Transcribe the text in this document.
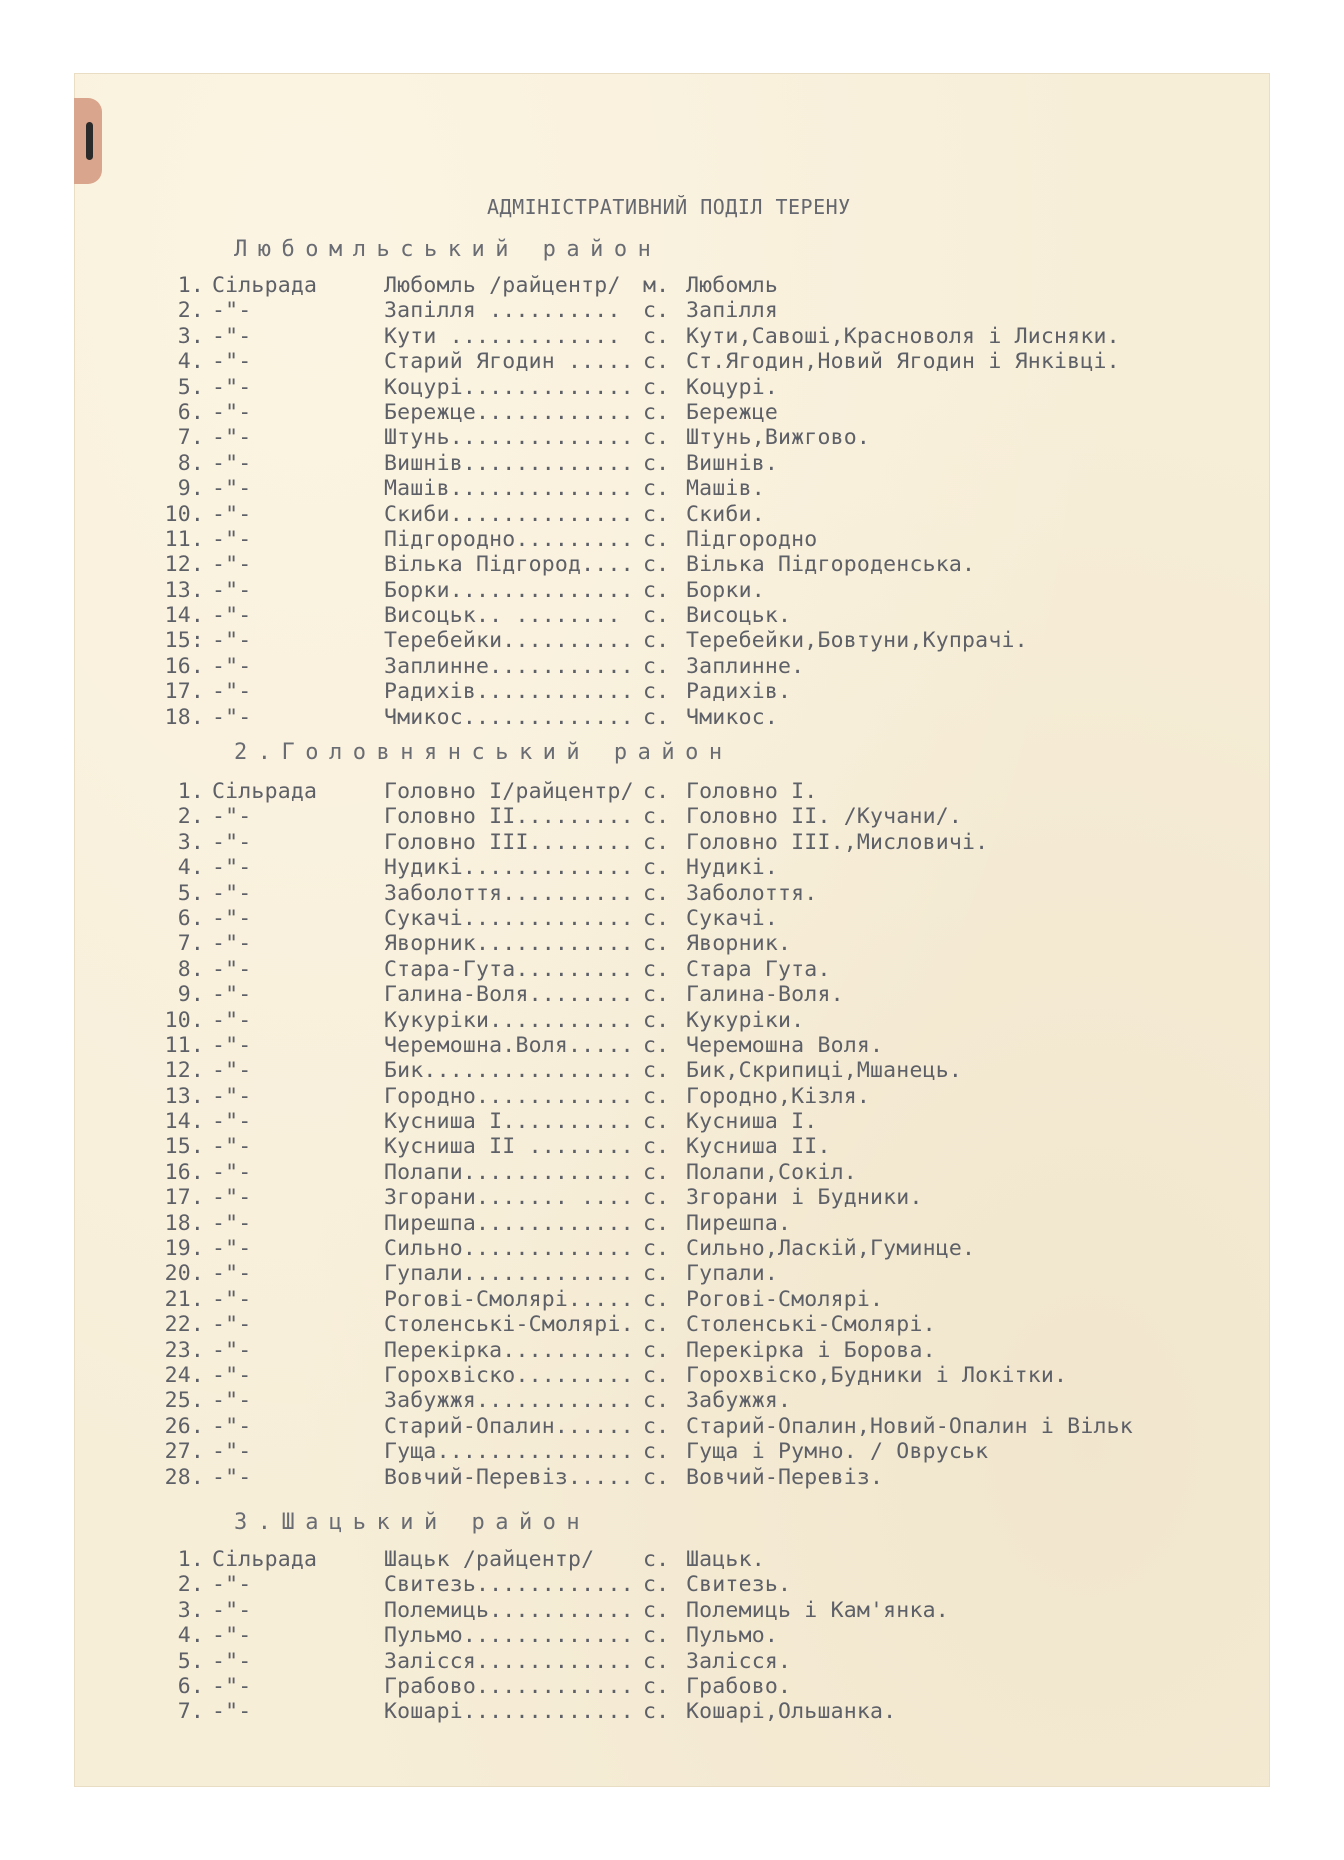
АДМІНІСТРАТИВНИЙ ПОДІЛ ТЕРЕНУ
Любомльський район
1. Сільрада	Любомль /райцентр/ м. Любомль
2. -"-	Запілля .......... с. Запілля
3. -"-	Кути ............. с. Кути,Савоші,Красноволя і Лисняки.
4. -"-	Старий Ягодин ..... с. Ст.Ягодин,Новий Ягодин і Янківці.
5. -"-	Коцурі............. с. Коцурі.
6. -"-	Бережце............ с. Бережце
7. -"-	Штунь.............. с. Штунь,Вижгово.
8. -"-	Вишнів............. с. Вишнів.
9. -"-	Машів.............. с. Машів.
10. -"-	Скиби.............. с. Скиби.
11. -"-	Підгородно......... с. Підгородно
12. -"-	Вілька Підгород.... с. Вілька Підгороденська.
13. -"-	Борки.............. с. Борки.
14. -"-	Висоцьк.. ........ с. Висоцьк.
15: -"-	Теребейки.......... с. Теребейки,Бовтуни,Купрачі.
16. -"-	Заплинне........... с. Заплинне.
17. -"-	Радихів............ с. Радихів.
18. -"-	Чмикос............. с. Чмикос.
2.Головнянський район
1. Сільрада	Головно І/райцентр/ с. Головно І.
2. -"-	Головно ІІ......... с. Головно ІІ. /Кучани/.
3. -"-	Головно ІІІ........ с. Головно ІІІ.,Мисловичі.
4. -"-	Нудикі............. с. Нудикі.
5. -"-	Заболоття.......... с. Заболоття.
6. -"-	Сукачі............. с. Сукачі.
7. -"-	Яворник............ с. Яворник.
8. -"-	Стара-Гута......... с. Стара Гута.
9. -"-	Галина-Воля........ с. Галина-Воля.
10. -"-	Кукуріки........... с. Кукуріки.
11. -"-	Черемошна.Воля..... с. Черемошна Воля.
12. -"-	Бик................ с. Бик,Скрипиці,Мшанець.
13. -"-	Городно............ с. Городно,Кізля.
14. -"-	Кусниша І.......... с. Кусниша І.
15. -"-	Кусниша ІІ ........ с. Кусниша ІІ.
16. -"-	Полапи............. с. Полапи,Сокіл.
17. -"-	Згорани....... .... с. Згорани і Будники.
18. -"-	Пирешпа............ с. Пирешпа.
19. -"-	Сильно............. с. Сильно,Ласкій,Гуминце.
20. -"-	Гупали............. с. Гупали.
21. -"-	Рогові-Смолярі..... с. Рогові-Смолярі.
22. -"-	Столенські-Смолярі. с. Столенські-Смолярі.
23. -"-	Перекірка.......... с. Перекірка і Борова.
24. -"-	Горохвіско......... с. Горохвіско,Будники і Локітки.
25. -"-	Забужжя............ с. Забужжя.
26. -"-	Старий-Опалин...... с. Старий-Опалин,Новий-Опалин і Вільк
27. -"-	Гуща............... с. Гуща і Румно. / Овруськ
28. -"-	Вовчий-Перевіз..... с. Вовчий-Перевіз.
3.Шацький район
1. Сільрада	Шацьк /райцентр/ с. Шацьк.
2. -"-	Свитезь............ с. Свитезь.
3. -"-	Полемиць........... с. Полемиць і Кам'янка.
4. -"-	Пульмо............. с. Пульмо.
5. -"-	Залісся............ с. Залісся.
6. -"-	Грабово............ с. Грабово.
7. -"-	Кошарі............. с. Кошарі,Ольшанка.
